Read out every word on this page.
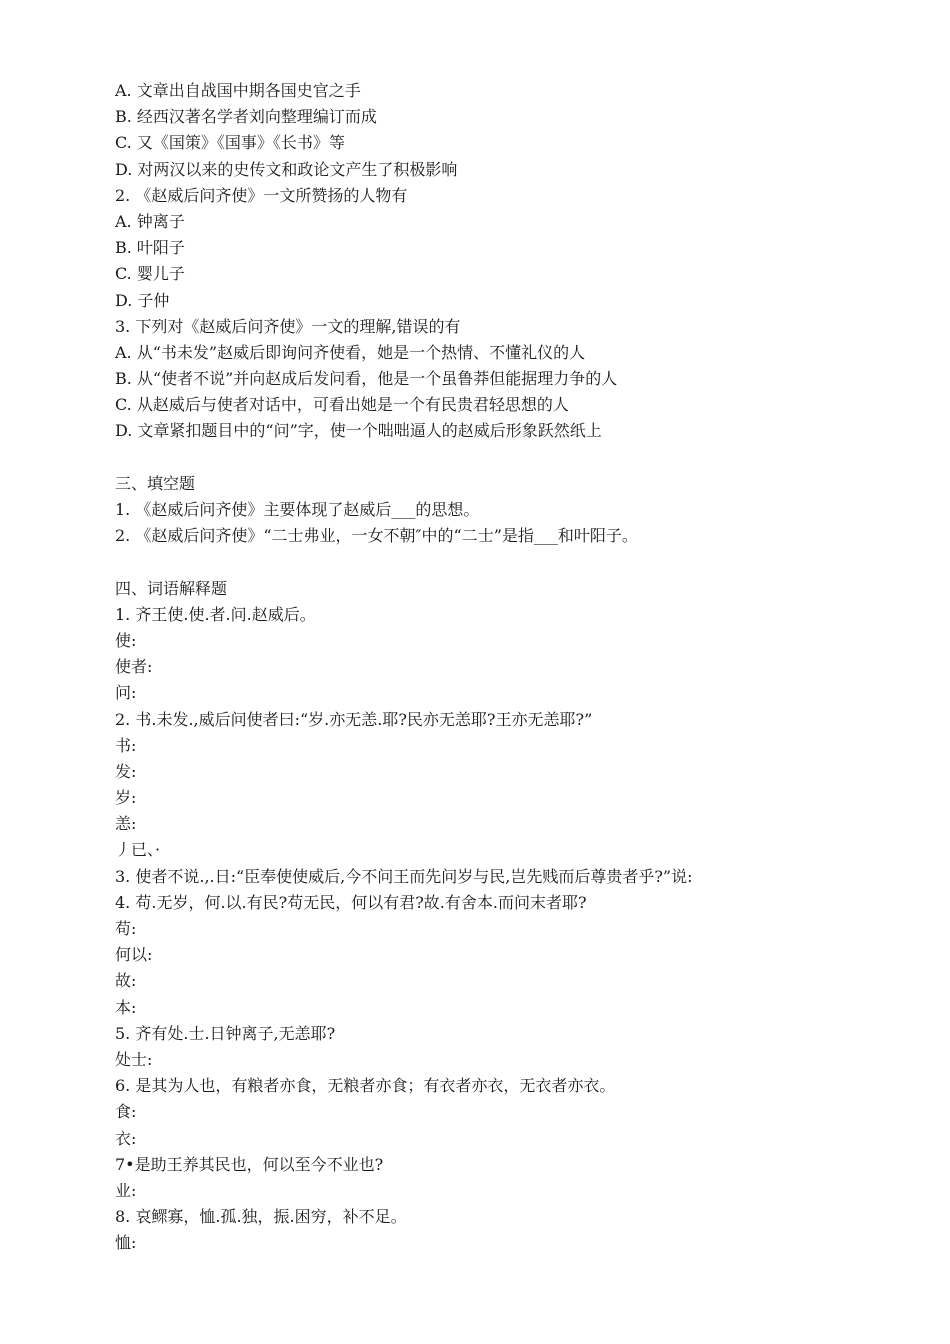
A. 文章出自战国中期各国史官之手
B. 经西汉著名学者刘向整理编订而成
C. 又《国策》《国事》《长书》等
D. 对两汉以来的史传文和政论文产生了积极影响
2. 《赵威后问齐使》一文所赞扬的人物有
A. 钟离子
B. 叶阳子
C. 婴儿子
D. 子仲
3. 下列对《赵威后问齐使》一文的理解,错误的有
A. 从“书未发”赵威后即询问齐使看，她是一个热情、不懂礼仪的人
B. 从“使者不说”并向赵成后发问看，他是一个虽鲁莽但能据理力争的人
C. 从赵威后与使者对话中，可看出她是一个有民贵君轻思想的人
D. 文章紧扣题目中的“问”字，使一个咄咄逼人的赵威后形象跃然纸上
三、填空题
1. 《赵威后问齐使》主要体现了赵威后___的思想。
2. 《赵威后问齐使》“二士弗业，一女不朝″中的“二士”是指___和叶阳子。
四、词语解释题
1. 齐王使.使.者.问.赵威后。
使:
使者:
问:
2. 书.未发.,威后问使者曰:“岁.亦无恙.耶?民亦无恙耶?王亦无恙耶?”
书:
发:
岁:
恙:
丿已、·
3. 使者不说.,.日:“臣奉使使威后,今不问王而先问岁与民,岂先贱而后尊贵者乎?”说:
4. 苟.无岁，何.以.有民?苟无民，何以有君?故.有舍本.而问末者耶?
苟:
何以:
故:
本:
5. 齐有处.士.日钟离子,无恙耶?
处士:
6. 是其为人也，有粮者亦食，无粮者亦食；有衣者亦衣，无衣者亦衣。
食:
衣:
7•是助王养其民也，何以至今不业也?
业:
8. 哀鳏寡，恤.孤.独，振.困穷，补不足。
恤:
